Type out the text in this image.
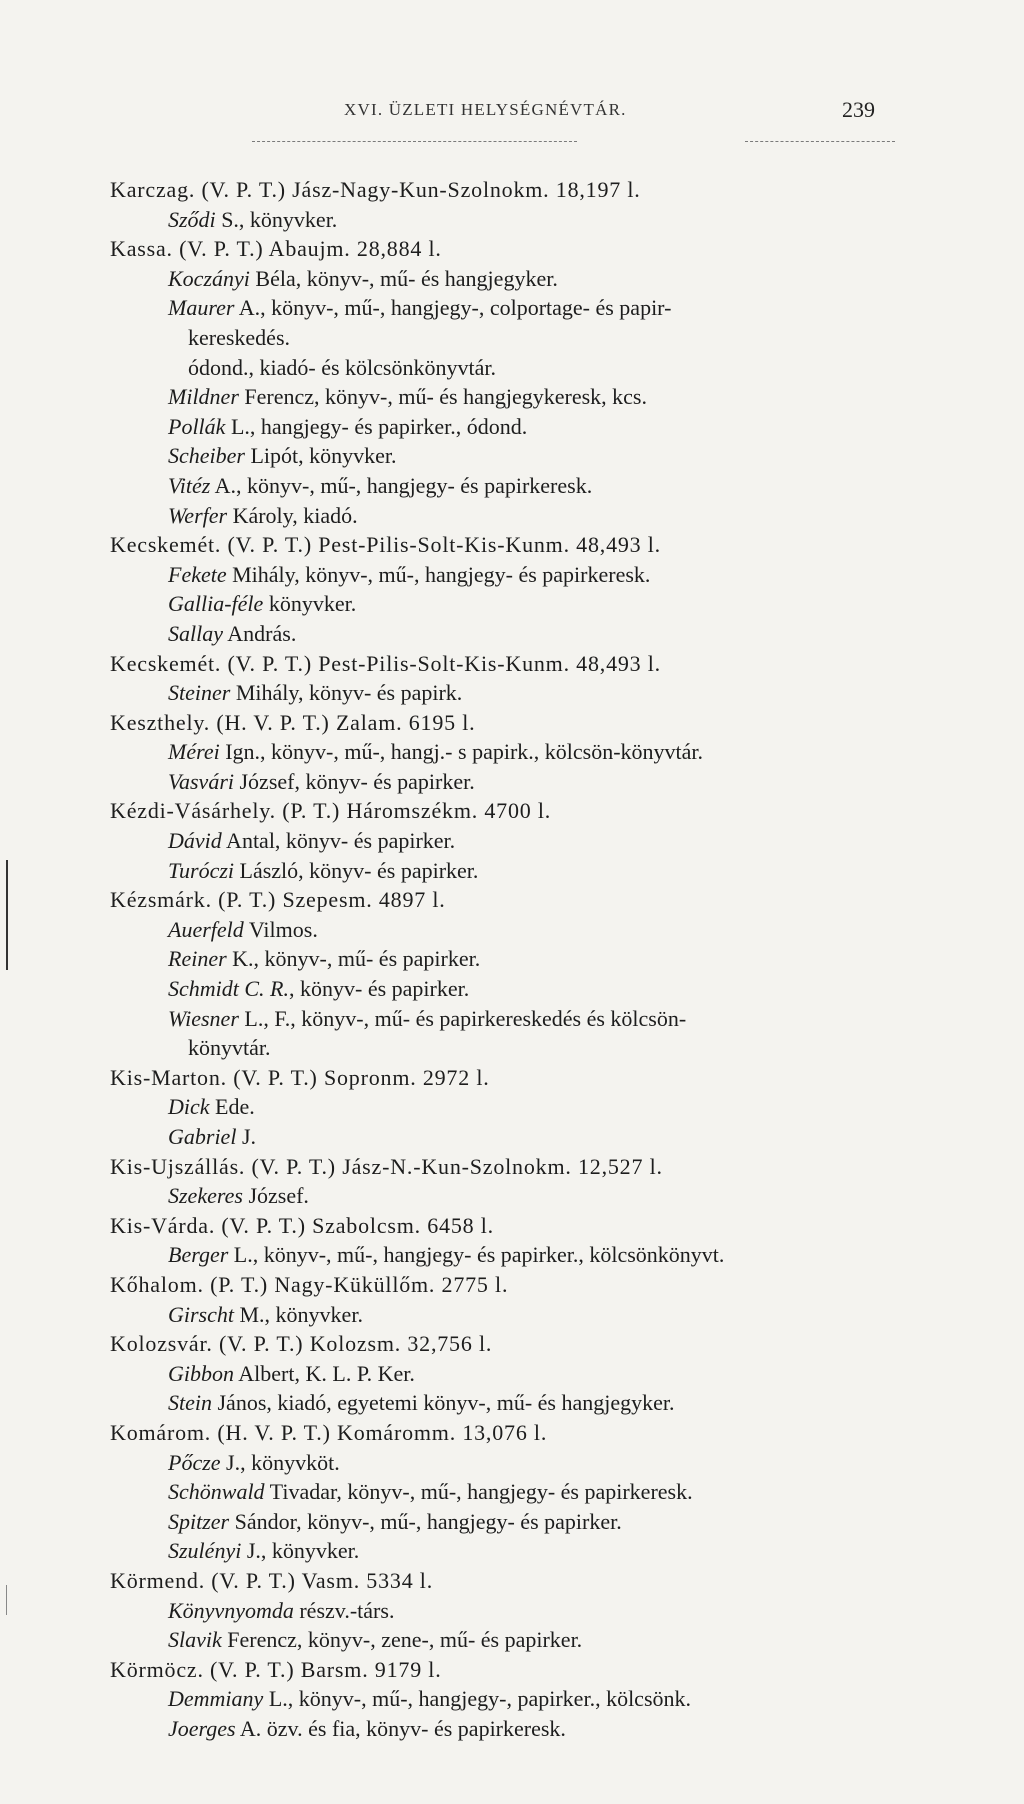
XVI. ÜZLETI HELYSÉGNÉVTÁR.	239
Karczag. (V. P. T.) Jász-Nagy-Kun-Szolnokm. 18,197 l.
Sződi S., könyvker.
Kassa. (V. P. T.) Abaujm. 28,884 l.
Koczányi Béla, könyv-, mű- és hangjegyker.
Maurer A., könyv-, mű-, hangjegy-, colportage- és papir-
kereskedés.
ódond., kiadó- és kölcsönkönyvtár.
Mildner Ferencz, könyv-, mű- és hangjegykeresk, kcs.
Pollák L., hangjegy- és papirker., ódond.
Scheiber Lipót, könyvker.
Vitéz A., könyv-, mű-, hangjegy- és papirkeresk.
Werfer Károly, kiadó.
Kecskemét. (V. P. T.) Pest-Pilis-Solt-Kis-Kunm. 48,493 l.
Fekete Mihály, könyv-, mű-, hangjegy- és papirkeresk.
Gallia-féle könyvker.
Sallay András.
Kecskemét. (V. P. T.) Pest-Pilis-Solt-Kis-Kunm. 48,493 l.
Steiner Mihály, könyv- és papirk.
Keszthely. (H. V. P. T.) Zalam. 6195 l.
Mérei Ign., könyv-, mű-, hangj.- s papirk., kölcsön-könyvtár.
Vasvári József, könyv- és papirker.
Kézdi-Vásárhely. (P. T.) Háromszékm. 4700 l.
Dávid Antal, könyv- és papirker.
Turóczi László, könyv- és papirker.
Kézsmárk. (P. T.) Szepesm. 4897 l.
Auerfeld Vilmos.
Reiner K., könyv-, mű- és papirker.
Schmidt C. R., könyv- és papirker.
Wiesner L., F., könyv-, mű- és papirkereskedés és kölcsön-
könyvtár.
Kis-Marton. (V. P. T.) Sopronm. 2972 l.
Dick Ede.
Gabriel J.
Kis-Ujszállás. (V. P. T.) Jász-N.-Kun-Szolnokm. 12,527 l.
Szekeres József.
Kis-Várda. (V. P. T.) Szabolcsm. 6458 l.
Berger L., könyv-, mű-, hangjegy- és papirker., kölcsönkönyvt.
Kőhalom. (P. T.) Nagy-Küküllőm. 2775 l.
Girscht M., könyvker.
Kolozsvár. (V. P. T.) Kolozsm. 32,756 l.
Gibbon Albert, K. L. P. Ker.
Stein János, kiadó, egyetemi könyv-, mű- és hangjegyker.
Komárom. (H. V. P. T.) Komáromm. 13,076 l.
Pőcze J., könyvköt.
Schönwald Tivadar, könyv-, mű-, hangjegy- és papirkeresk.
Spitzer Sándor, könyv-, mű-, hangjegy- és papirker.
Szulényi J., könyvker.
Körmend. (V. P. T.) Vasm. 5334 l.
Könyvnyomda részv.-társ.
Slavik Ferencz, könyv-, zene-, mű- és papirker.
Körmöcz. (V. P. T.) Barsm. 9179 l.
Demmiany L., könyv-, mű-, hangjegy-, papirker., kölcsönk.
Joerges A. özv. és fia, könyv- és papirkeresk.
